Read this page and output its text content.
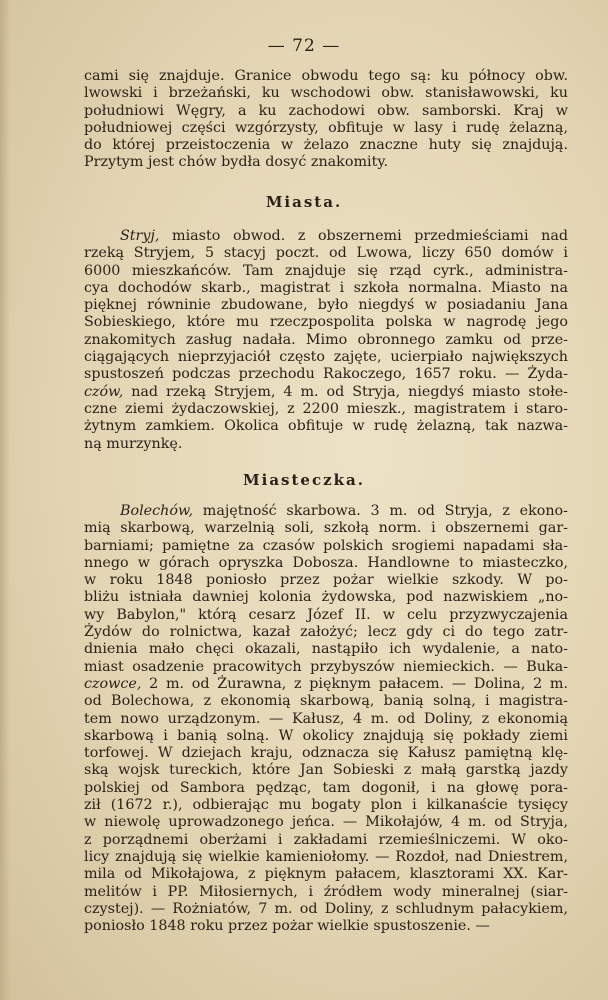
— 72 —
cami się znajduje. Granice obwodu tego są: ku północy obw.
lwowski i brzeżański, ku wschodowi obw. stanisławowski, ku
południowi Węgry, a ku zachodowi obw. samborski. Kraj w
południowej części wzgórzysty, obfituje w lasy i rudę żelazną,
do której przeistoczenia w żelazo znaczne huty się znajdują.
Przytym jest chów bydła dosyć znakomity.
Miasta.
Stryj, miasto obwod. z obszernemi przedmieściami nad
rzeką Stryjem, 5 stacyj poczt. od Lwowa, liczy 650 domów i
6000 mieszkańców. Tam znajduje się rząd cyrk., administra-
cya dochodów skarb., magistrat i szkoła normalna. Miasto na
pięknej równinie zbudowane, było niegdyś w posiadaniu Jana
Sobieskiego, które mu rzeczpospolita polska w nagrodę jego
znakomitych zasług nadała. Mimo obronnego zamku od prze-
ciągających nieprzyjaciół często zajęte, ucierpiało największych
spustoszeń podczas przechodu Rakoczego, 1657 roku. — Żyda-
czów, nad rzeką Stryjem, 4 m. od Stryja, niegdyś miasto stołe-
czne ziemi żydaczowskiej, z 2200 mieszk., magistratem i staro-
żytnym zamkiem. Okolica obfituje w rudę żelazną, tak nazwa-
ną murzynkę.
Miasteczka.
Bolechów, majętność skarbowa. 3 m. od Stryja, z ekono-
mią skarbową, warzelnią soli, szkołą norm. i obszernemi gar-
barniami; pamiętne za czasów polskich srogiemi napadami sła-
nnego w górach opryszka Dobosza. Handlowne to miasteczko,
w roku 1848 poniosło przez pożar wielkie szkody. W po-
bliżu istniała dawniej kolonia żydowska, pod nazwiskiem „no-
wy Babylon," którą cesarz Józef II. w celu przyzwyczajenia
Żydów do rolnictwa, kazał założyć; lecz gdy ci do tego zatr-
dnienia mało chęci okazali, nastąpiło ich wydalenie, a nato-
miast osadzenie pracowitych przybyszów niemieckich. — Buka-
czowce, 2 m. od Żurawna, z pięknym pałacem. — Dolina, 2 m.
od Bolechowa, z ekonomią skarbową, banią solną, i magistra-
tem nowo urządzonym. — Kałusz, 4 m. od Doliny, z ekonomią
skarbową i banią solną. W okolicy znajdują się pokłady ziemi
torfowej. W dziejach kraju, odznacza się Kałusz pamiętną klę-
ską wojsk tureckich, które Jan Sobieski z małą garstką jazdy
polskiej od Sambora pędząc, tam dogonił, i na głowę pora-
ził (1672 r.), odbierając mu bogaty plon i kilkanaście tysięcy
w niewolę uprowadzonego jeńca. — Mikołajów, 4 m. od Stryja,
z porządnemi oberżami i zakładami rzemieślniczemi. W oko-
licy znajdują się wielkie kamieniołomy. — Rozdoł, nad Dniestrem,
mila od Mikołajowa, z pięknym pałacem, klasztorami XX. Kar-
melitów i PP. Miłosiernych, i źródłem wody mineralnej (siar-
czystej). — Rożniatów, 7 m. od Doliny, z schludnym pałacykiem,
poniosło 1848 roku przez pożar wielkie spustoszenie. —
